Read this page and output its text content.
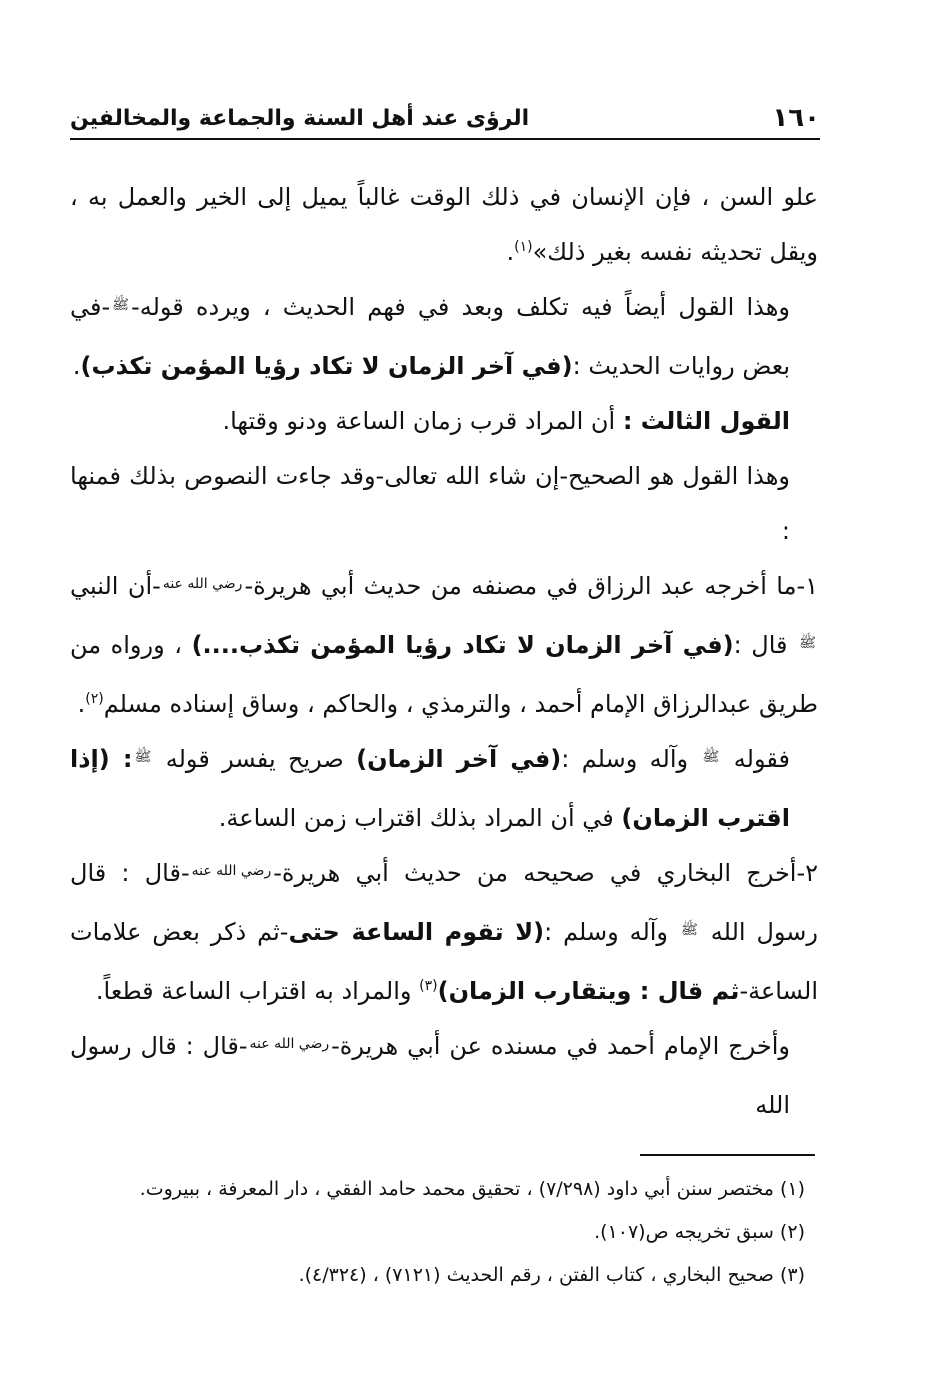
١٦٠
الرؤى عند أهل السنة والجماعة والمخالفين

علو السن ، فإن الإنسان في ذلك الوقت غالباً يميل إلى الخير والعمل به ، ويقل تحديثه نفسه بغير ذلك»$^{(١)}$.

وهذا القول أيضاً فيه تكلف وبعد في فهم الحديث ، ويرده قوله-ﷺ-في بعض روايات الحديث :(في آخر الزمان لا تكاد رؤيا المؤمن تكذب).

القول الثالث : أن المراد قرب زمان الساعة ودنو وقتها.

وهذا القول هو الصحيح-إن شاء الله تعالى-وقد جاءت النصوص بذلك فمنها :

١-ما أخرجه عبد الرزاق في مصنفه من حديث أبي هريرة-رضي الله عنه-أن النبي ﷺ قال :(في آخر الزمان لا تكاد رؤيا المؤمن تكذب....) ، ورواه من طريق عبدالرزاق الإمام أحمد ، والترمذي ، والحاكم ، وساق إسناده مسلم$^{(٢)}$.

فقوله ﷺ وآله وسلم :(في آخر الزمان) صريح يفسر قوله ﷺ: (إذا اقترب الزمان) في أن المراد بذلك اقتراب زمن الساعة.

٢-أخرج البخاري في صحيحه من حديث أبي هريرة-رضي الله عنه-قال : قال رسول الله ﷺ وآله وسلم :(لا تقوم الساعة حتى-ثم ذكر بعض علامات الساعة-ثم قال : ويتقارب الزمان)$^{(٣)}$ والمراد به اقتراب الساعة قطعاً.

وأخرج الإمام أحمد في مسنده عن أبي هريرة-رضي الله عنه-قال : قال رسول الله

(١) مختصر سنن أبي داود (٧/٢٩٨) ، تحقيق محمد حامد الفقي ، دار المعرفة ، ببيروت.

(٢) سبق تخريجه ص(١٠٧).

(٣) صحيح البخاري ، كتاب الفتن ، رقم الحديث (٧١٢١) ، (٤/٣٢٤).
